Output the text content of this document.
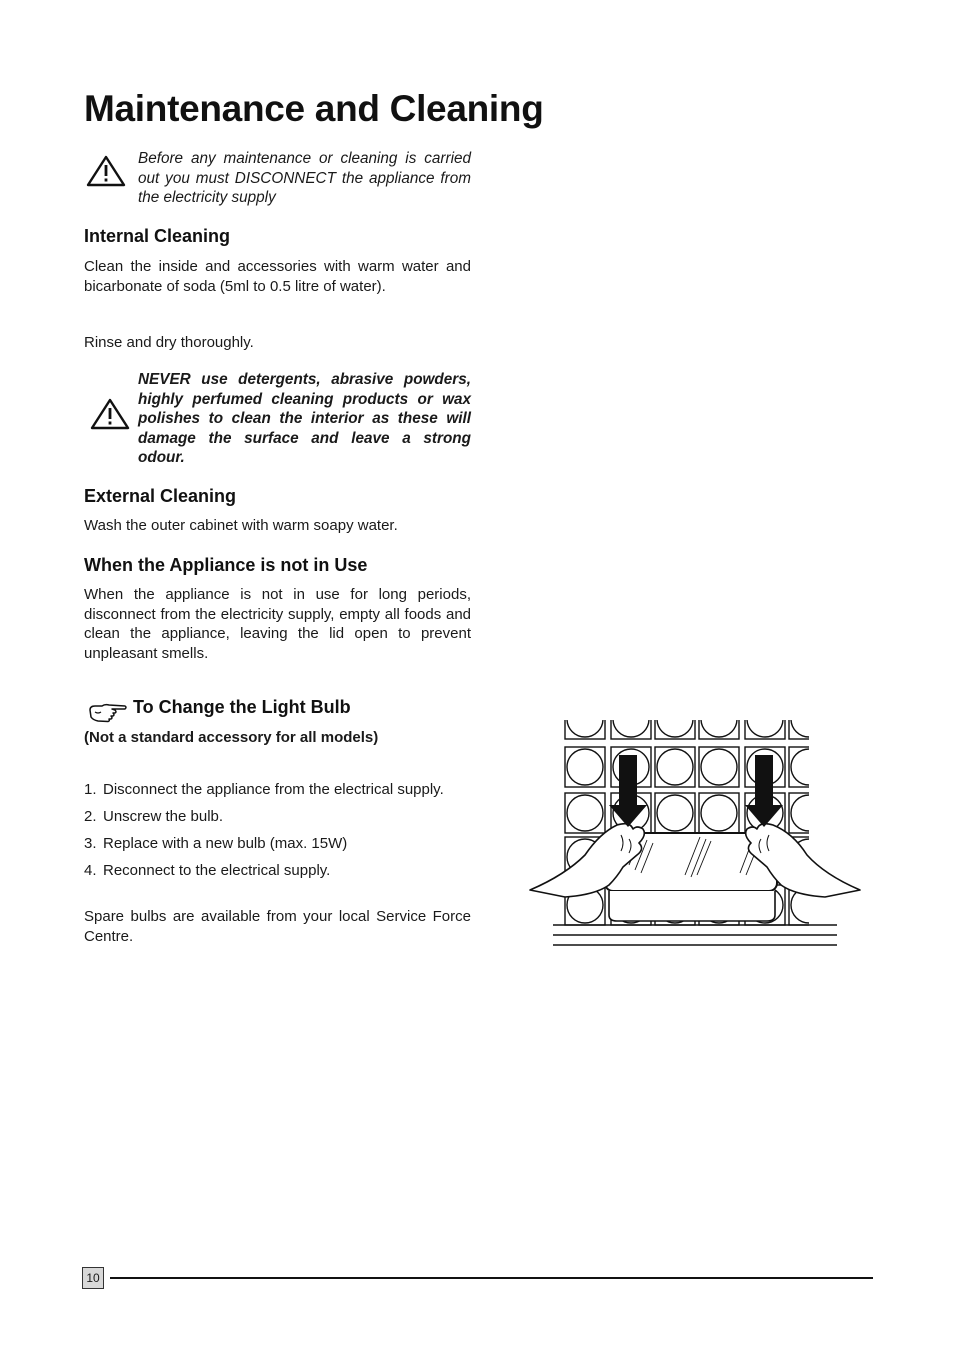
Maintenance and Cleaning
Before any maintenance or cleaning is carried out you must DISCONNECT the appliance from the electricity supply
Internal Cleaning

Clean the inside and accessories with warm water and bicarbonate of soda (5ml to 0.5 litre of water).

Rinse and dry thoroughly.

NEVER use detergents, abrasive powders, highly perfumed cleaning products or wax polishes to clean the interior as these will damage the surface and leave a strong odour.
External Cleaning

Wash the outer cabinet with warm soapy water.

When the Appliance is not in Use

When the appliance is not in use for long periods, disconnect from the electricity supply, empty all foods and clean the appliance, leaving the lid open to prevent unpleasant smells.

To Change the Light Bulb

(Not a standard accessory for all models)

1. Disconnect the appliance from the electrical supply.
2. Unscrew the bulb.
3. Replace with a new bulb (max. 15W)
4. Reconnect to the electrical supply.

Spare bulbs are available from your local Service Force Centre.

10
